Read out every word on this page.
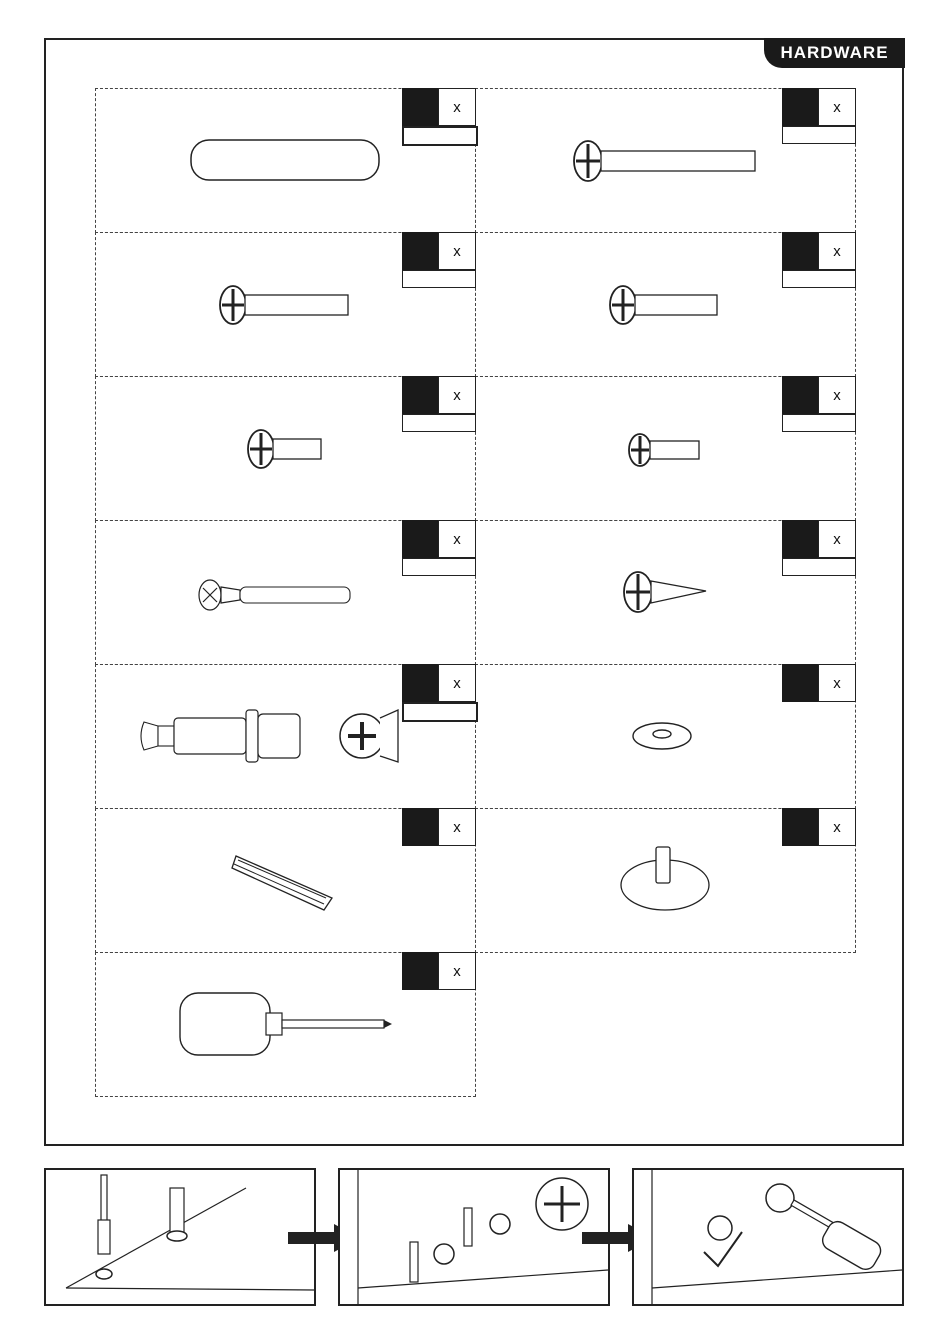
HARDWARE
x	x
x	x
x	x
x	x
x	x
x	x
x
